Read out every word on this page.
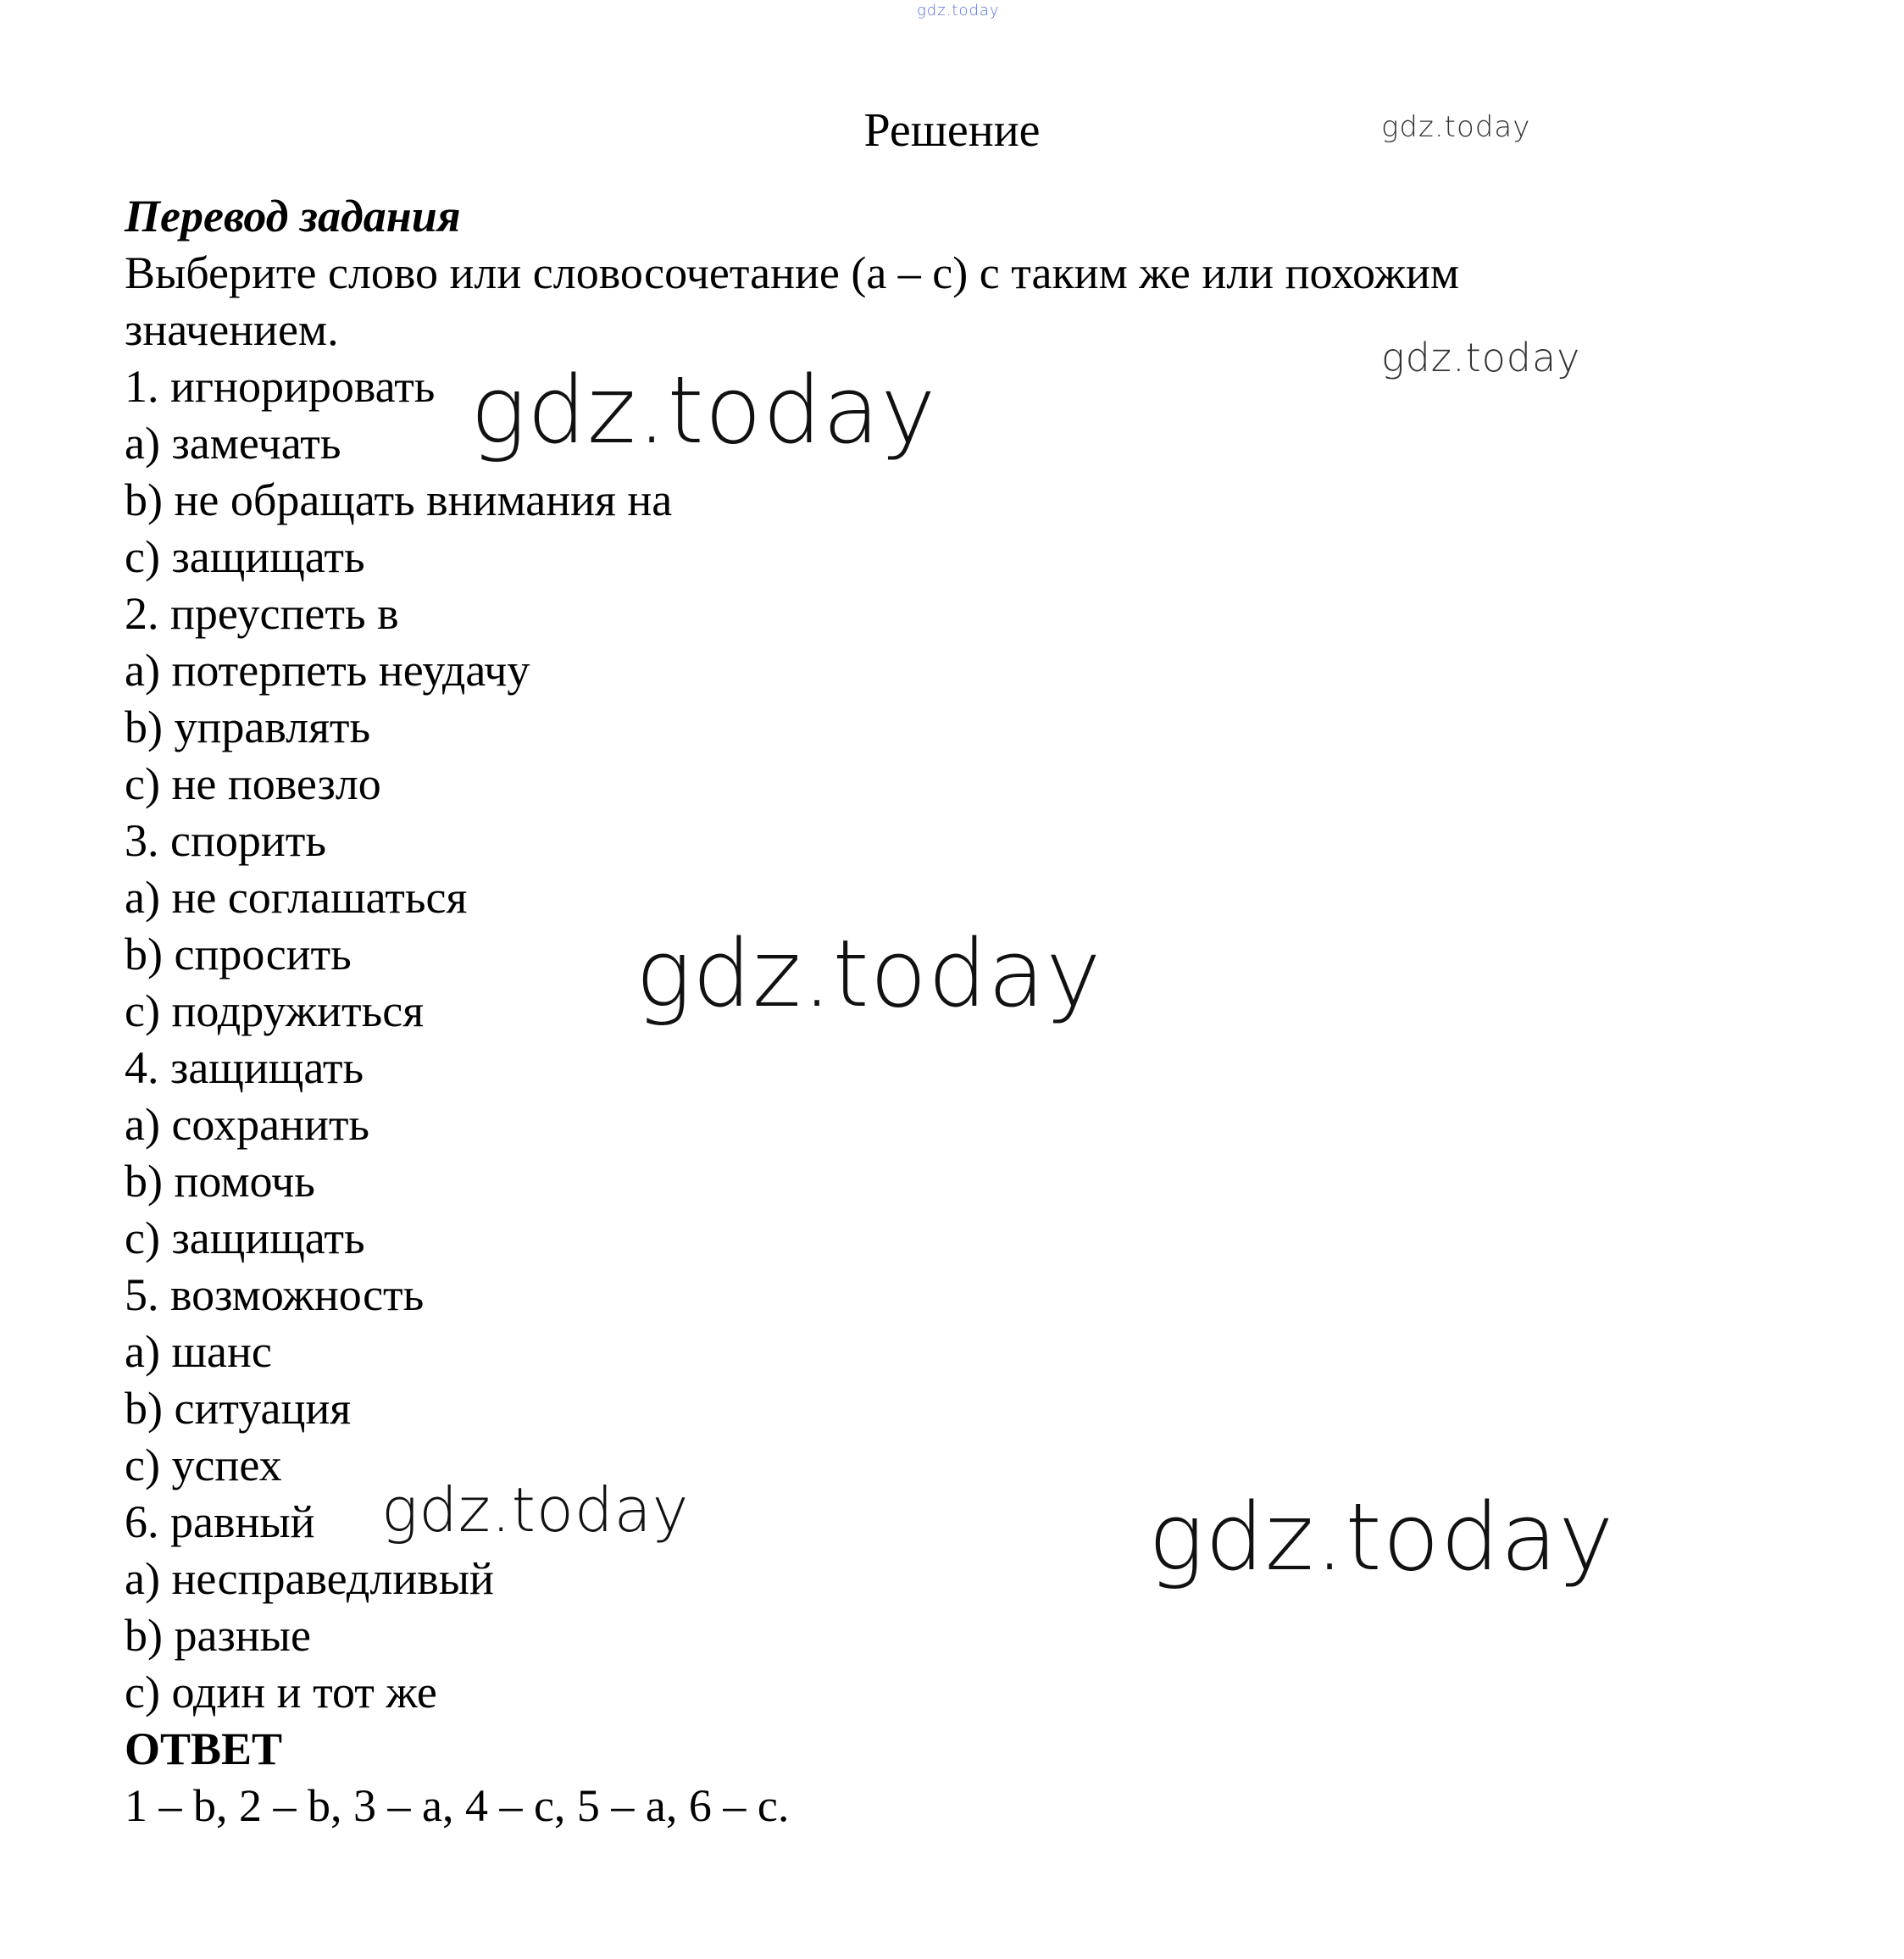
gdz.today
gdz.today
Решение
Перевод задания
Выберите слово или словосочетание (a – c) с таким же или похожим
значением.
1. игнорировать
a) замечать
b) не обращать внимания на
c) защищать
2. преуспеть в
a) потерпеть неудачу
b) управлять
c) не повезло
3. спорить
a) не соглашаться
b) спросить
c) подружиться
4. защищать
a) сохранить
b) помочь
c) защищать
5. возможность
a) шанс
b) ситуация
c) успех
6. равный
a) несправедливый
b) разные
c) один и тот же
ОТВЕТ
1 – b, 2 – b, 3 – a, 4 – c, 5 – a, 6 – c.
gdz.today
gdz.today
gdz.today
gdz.today	gdz.today
